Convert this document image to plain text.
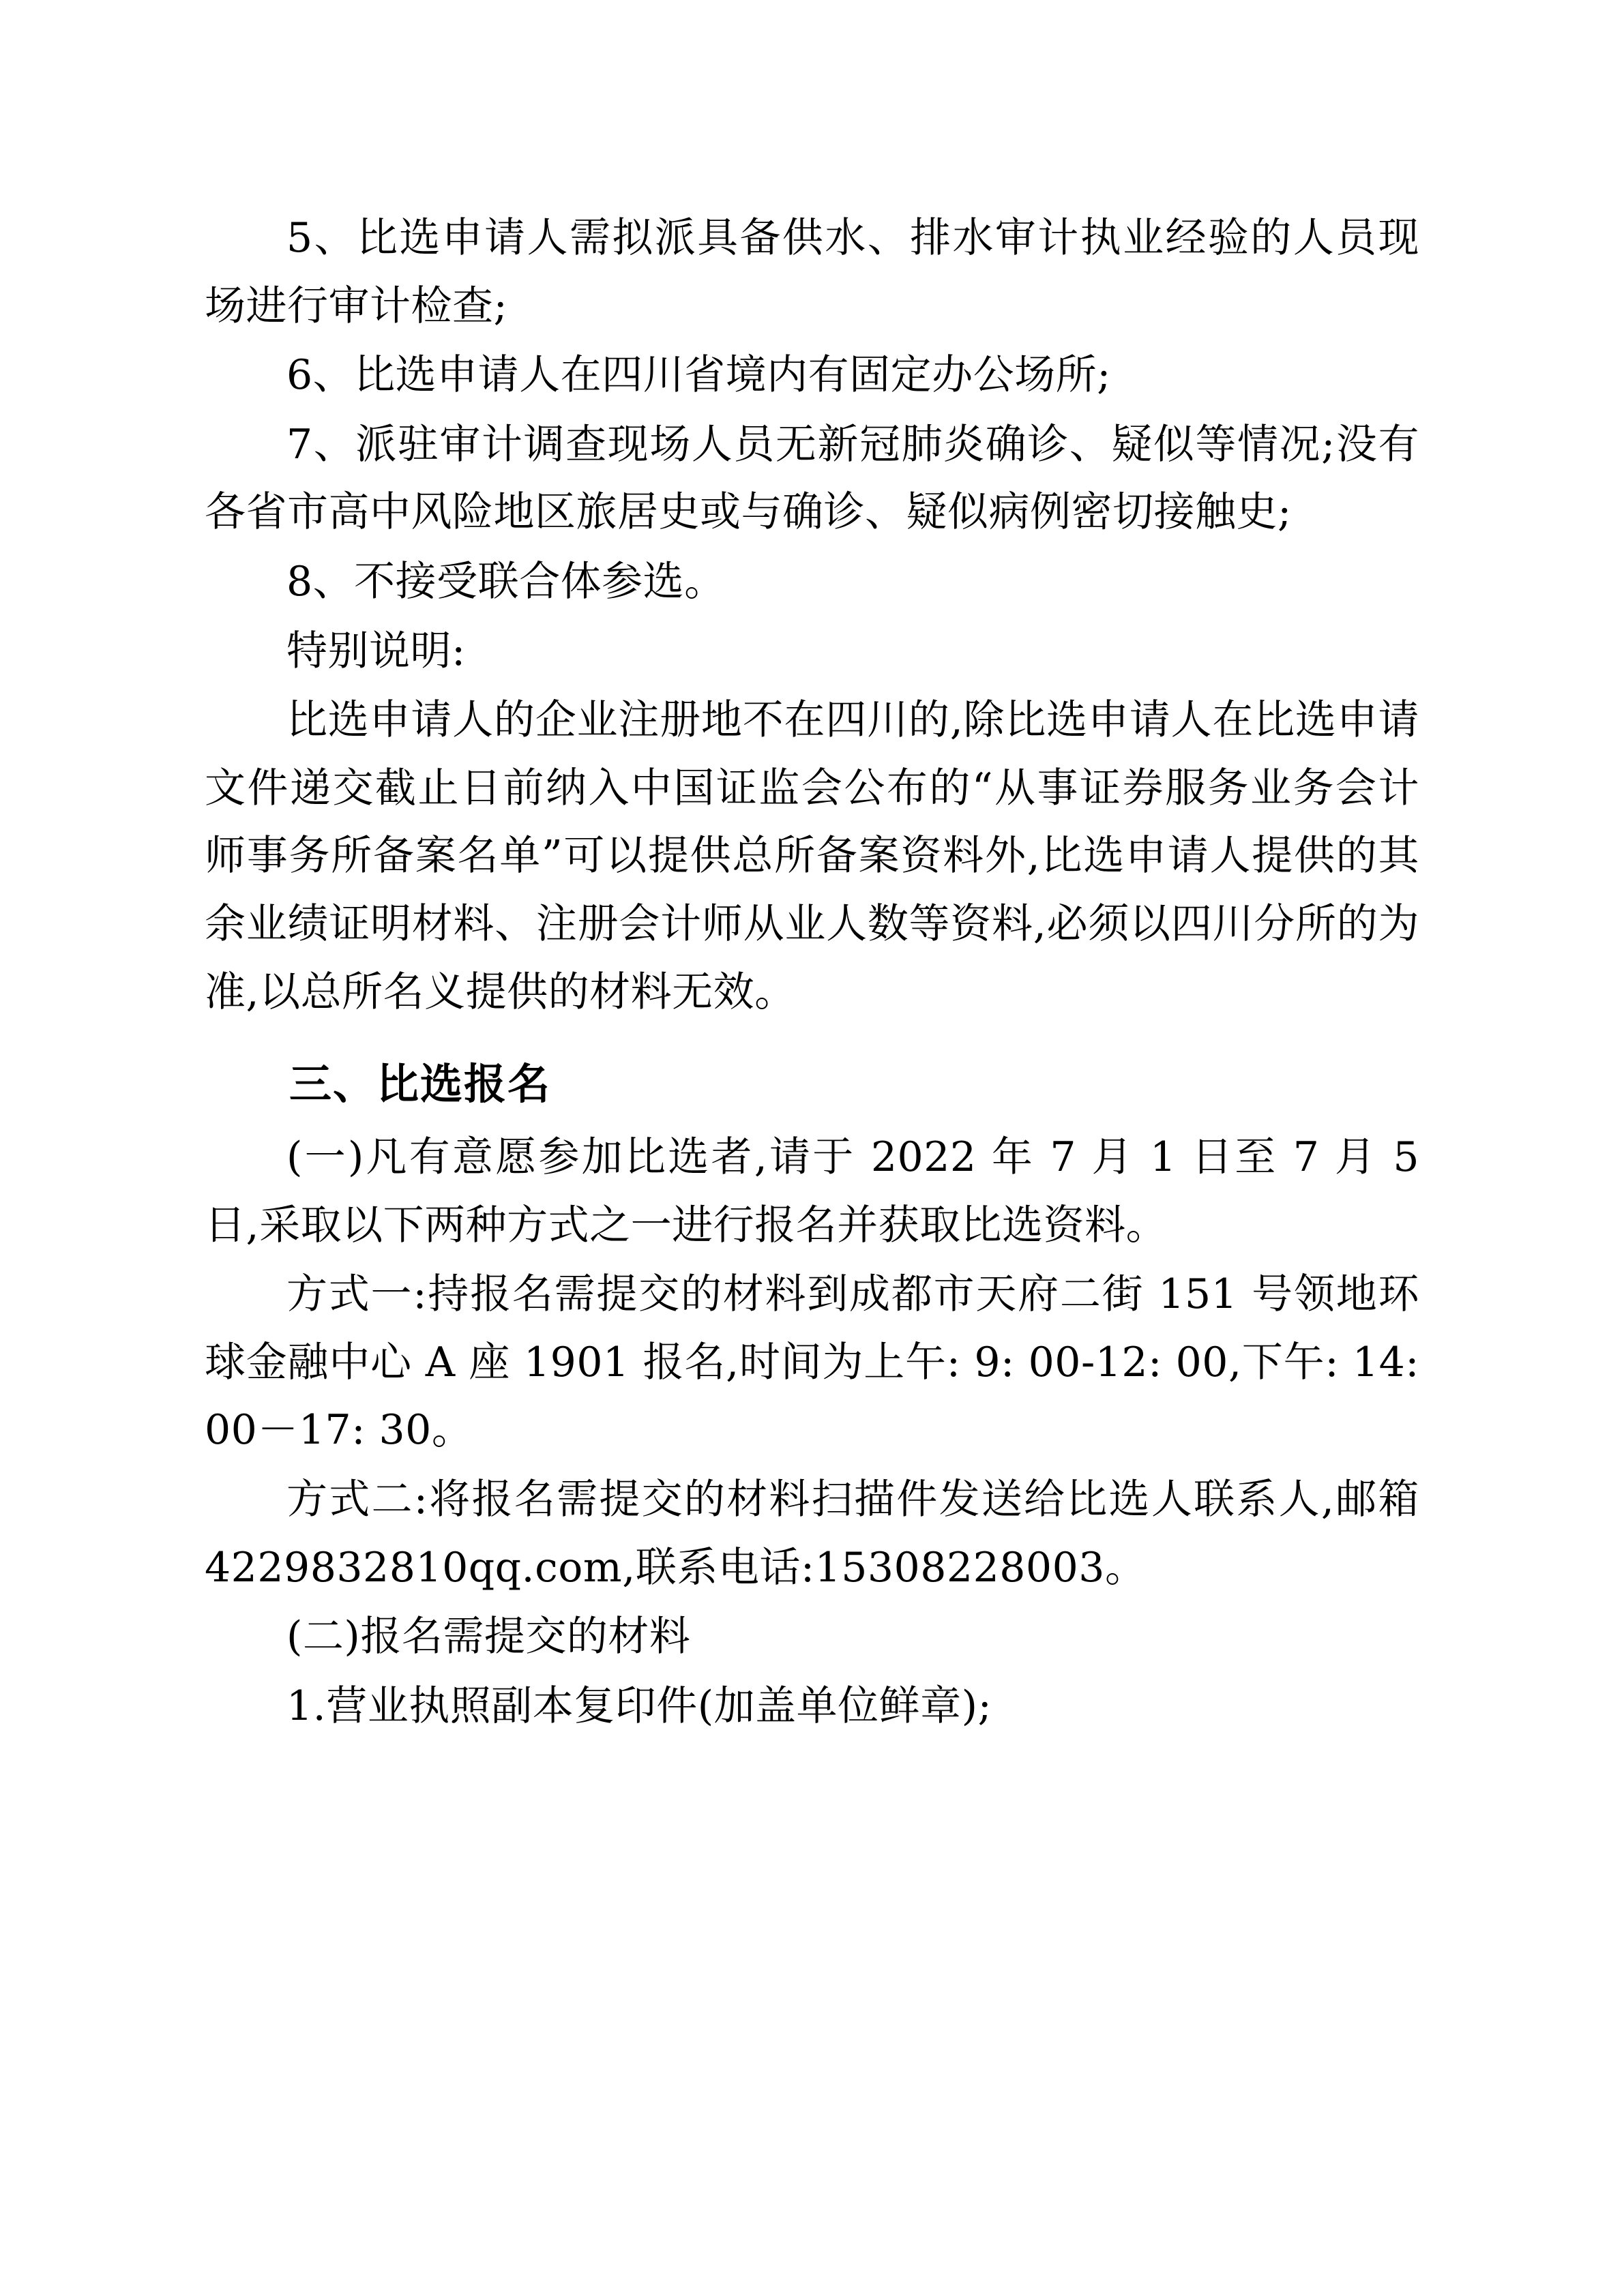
5、比选申请人需拟派具备供水、排水审计执业经验的人员现场进行审计检查;

6、比选申请人在四川省境内有固定办公场所;

7、派驻审计调查现场人员无新冠肺炎确诊、疑似等情况;没有各省市高中风险地区旅居史或与确诊、疑似病例密切接触史;

8、不接受联合体参选。

特别说明:

比选申请人的企业注册地不在四川的,除比选申请人在比选申请文件递交截止日前纳入中国证监会公布的“从事证券服务业务会计师事务所备案名单”可以提供总所备案资料外,比选申请人提供的其余业绩证明材料、注册会计师从业人数等资料,必须以四川分所的为准,以总所名义提供的材料无效。

三、比选报名

(一)凡有意愿参加比选者,请于 2022 年 7 月 1 日至 7 月 5 日,采取以下两种方式之一进行报名并获取比选资料。

方式一:持报名需提交的材料到成都市天府二街 151 号领地环球金融中心 A 座 1901 报名,时间为上午: 9: 00-12: 00,下午: 14: 00－17: 30。

方式二:将报名需提交的材料扫描件发送给比选人联系人,邮箱 4229832810qq.com,联系电话:15308228003。

(二)报名需提交的材料

1.营业执照副本复印件(加盖单位鲜章);
